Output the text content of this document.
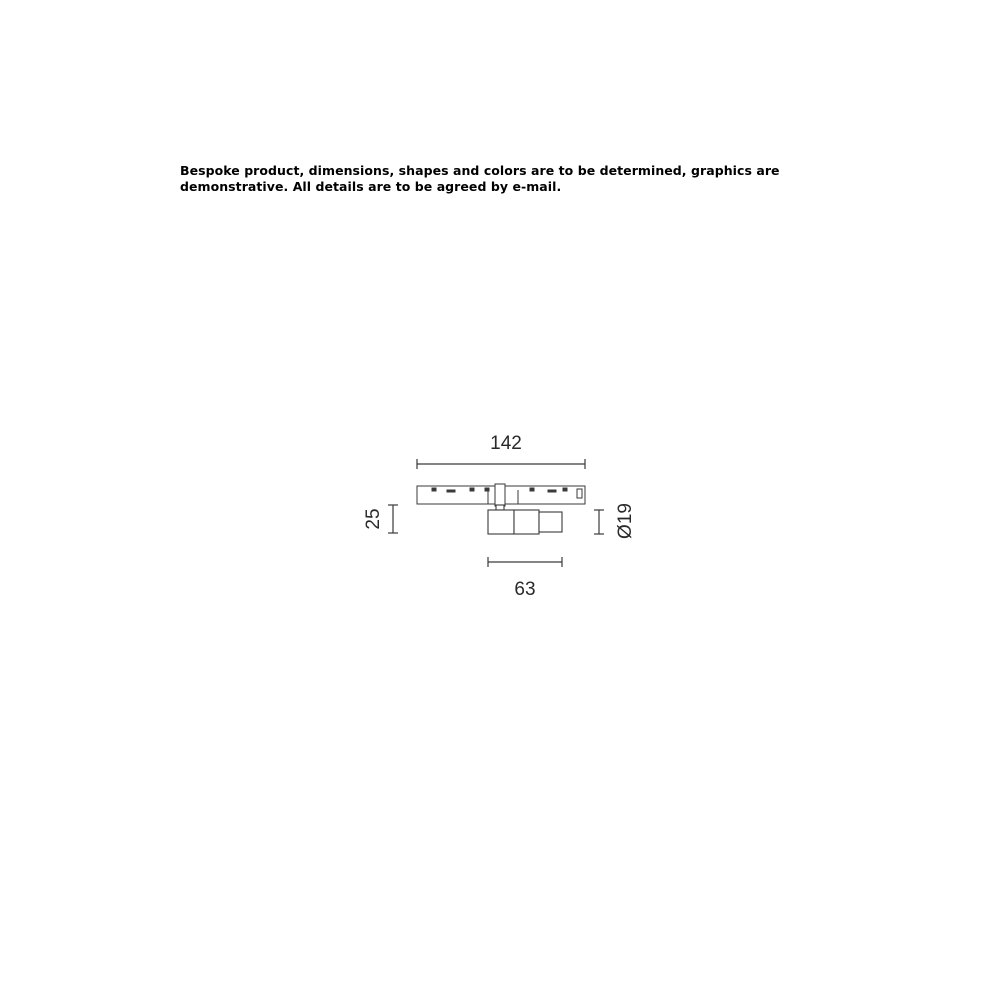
Bespoke product, dimensions, shapes and colors are to be determined, graphics are demonstrative. All details are to be agreed by e-mail.

142
25	Ø19
63
